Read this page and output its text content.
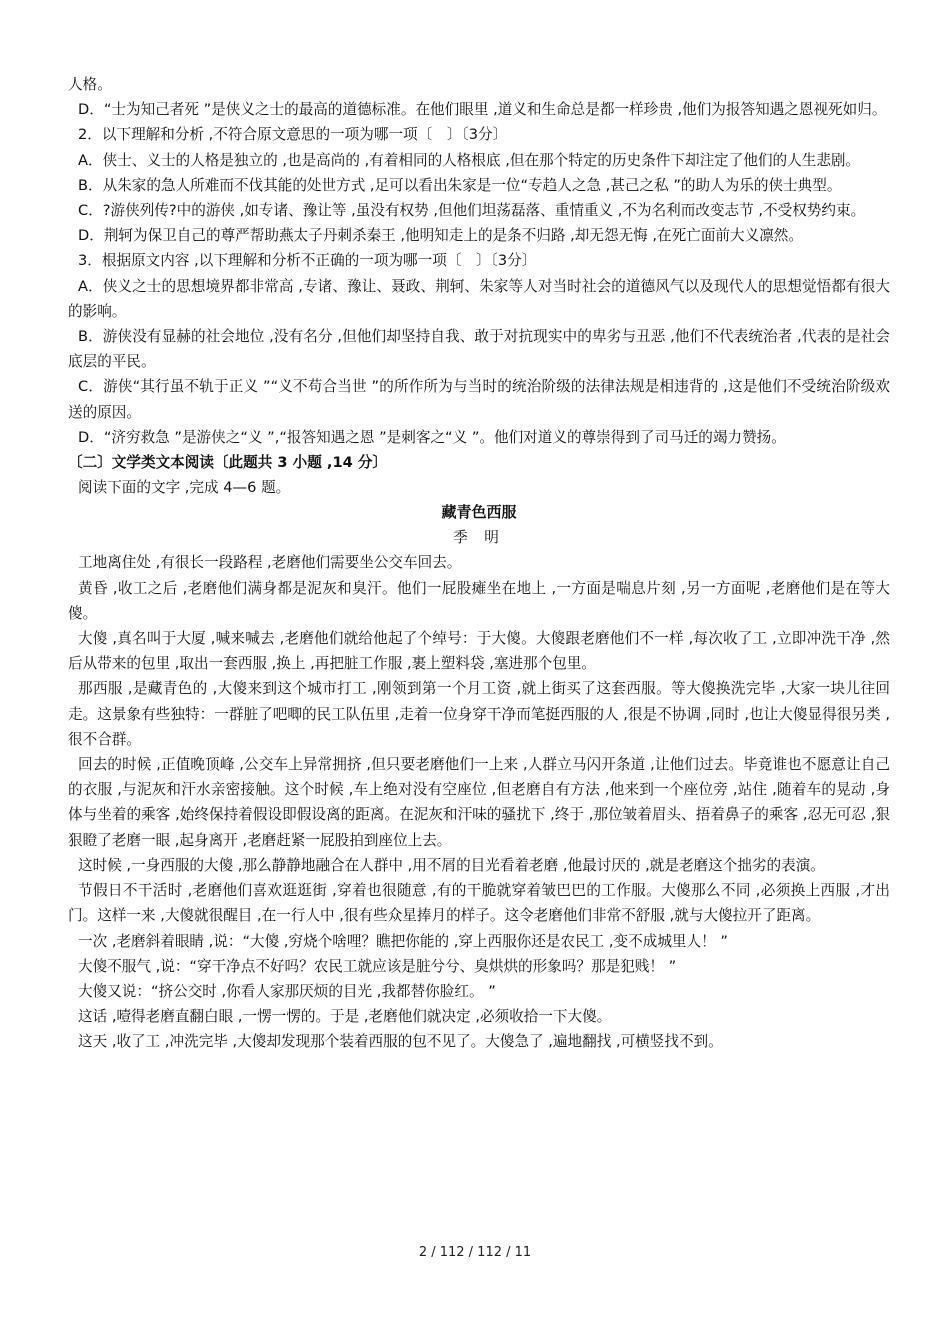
人格。

D．“士为知己者死 ”是侠义之士的最高的道德标准。在他们眼里 ,道义和生命总是都一样珍贵 ,他们为报答知遇之恩视死如归。

2．以下理解和分析 ,不符合原文意思的一项为哪一项〔　〕〔3分〕

A．侠士、义士的人格是独立的 ,也是高尚的 ,有着相同的人格根底 ,但在那个特定的历史条件下却注定了他们的人生悲剧。

B．从朱家的急人所难而不伐其能的处世方式 ,足可以看出朱家是一位“专趋人之急 ,甚己之私 ”的助人为乐的侠士典型。

C．?游侠列传?中的游侠 ,如专诸、豫让等 ,虽没有权势 ,但他们坦荡磊落、重情重义 ,不为名利而改变志节 ,不受权势约束。

D．荆轲为保卫自己的尊严帮助燕太子丹刺杀秦王 ,他明知走上的是条不归路 ,却无怨无悔 ,在死亡面前大义凛然。

3．根据原文内容 ,以下理解和分析不正确的一项为哪一项〔　〕〔3分〕

A．侠义之士的思想境界都非常高 ,专诸、豫让、聂政、荆轲、朱家等人对当时社会的道德风气以及现代人的思想觉悟都有很大的影响。

B．游侠没有显赫的社会地位 ,没有名分 ,但他们却坚持自我、敢于对抗现实中的卑劣与丑恶 ,他们不代表统治者 ,代表的是社会底层的平民。

C．游侠“其行虽不轨于正义 ”“义不苟合当世 ”的所作所为与当时的统治阶级的法律法规是相违背的 ,这是他们不受统治阶级欢送的原因。

D．“济穷救急 ”是游侠之“义 ”,“报答知遇之恩 ”是刺客之“义 ”。他们对道义的尊崇得到了司马迁的竭力赞扬。

〔二〕文学类文本阅读〔此题共 3 小题 ,14 分〕

阅读下面的文字 ,完成 4—6 题。

藏青色西服

季 明

工地离住处 ,有很长一段路程 ,老磨他们需要坐公交车回去。

黄昏 ,收工之后 ,老磨他们满身都是泥灰和臭汗。他们一屁股瘫坐在地上 ,一方面是喘息片刻 ,另一方面呢 ,老磨他们是在等大傻。

大傻 ,真名叫于大厦 ,喊来喊去 ,老磨他们就给他起了个绰号：于大傻。大傻跟老磨他们不一样 ,每次收了工 ,立即冲洗干净 ,然后从带来的包里 ,取出一套西服 ,换上 ,再把脏工作服 ,裹上塑料袋 ,塞进那个包里。

那西服 ,是藏青色的 ,大傻来到这个城市打工 ,刚领到第一个月工资 ,就上街买了这套西服。等大傻换洗完毕 ,大家一块儿往回走。这景象有些独特：一群脏了吧唧的民工队伍里 ,走着一位身穿干净而笔挺西服的人 ,很是不协调 ,同时 ,也让大傻显得很另类 ,很不合群。

回去的时候 ,正值晚顶峰 ,公交车上异常拥挤 ,但只要老磨他们一上来 ,人群立马闪开条道 ,让他们过去。毕竟谁也不愿意让自己的衣服 ,与泥灰和汗水亲密接触。这个时候 ,车上绝对没有空座位 ,但老磨自有方法 ,他来到一个座位旁 ,站住 ,随着车的晃动 ,身体与坐着的乘客 ,始终保持着假设即假设离的距离。在泥灰和汗味的骚扰下 ,终于 ,那位皱着眉头、捂着鼻子的乘客 ,忍无可忍 ,狠狠瞪了老磨一眼 ,起身离开 ,老磨赶紧一屁股拍到座位上去。

这时候 ,一身西服的大傻 ,那么静静地融合在人群中 ,用不屑的目光看着老磨 ,他最讨厌的 ,就是老磨这个拙劣的表演。

节假日不干活时 ,老磨他们喜欢逛逛街 ,穿着也很随意 ,有的干脆就穿着皱巴巴的工作服。大傻那么不同 ,必须换上西服 ,才出门。这样一来 ,大傻就很醒目 ,在一行人中 ,很有些众星捧月的样子。这令老磨他们非常不舒服 ,就与大傻拉开了距离。

一次 ,老磨斜着眼睛 ,说：“大傻 ,穷烧个啥哩？瞧把你能的 ,穿上西服你还是农民工 ,变不成城里人！ ”

大傻不服气 ,说：“穿干净点不好吗？农民工就应该是脏兮兮、臭烘烘的形象吗？那是犯贱！ ”

大傻又说：“挤公交时 ,你看人家那厌烦的目光 ,我都替你脸红。 ”

这话 ,噎得老磨直翻白眼 ,一愣一愣的。于是 ,老磨他们就决定 ,必须收拾一下大傻。

这天 ,收了工 ,冲洗完毕 ,大傻却发现那个装着西服的包不见了。大傻急了 ,遍地翻找 ,可横竖找不到。

2 / 112 / 112 / 11
